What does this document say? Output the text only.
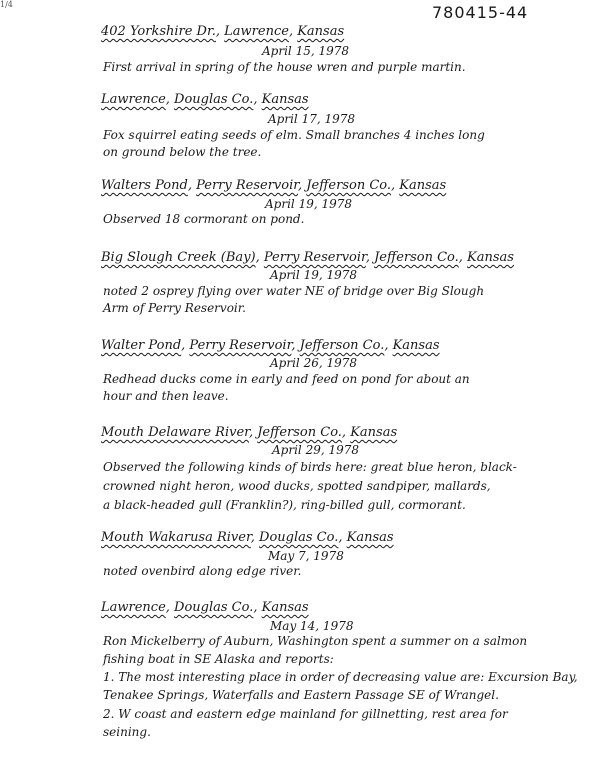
1/4	780415-44
402 Yorkshire Dr., Lawrence, Kansas
April 15, 1978
First arrival in spring of the house wren and purple martin.
Lawrence, Douglas Co., Kansas
April 17, 1978
Fox squirrel eating seeds of elm. Small branches 4 inches long
on ground below the tree.
Walters Pond, Perry Reservoir, Jefferson Co., Kansas
April 19, 1978
Observed 18 cormorant on pond.
Big Slough Creek (Bay), Perry Reservoir, Jefferson Co., Kansas
April 19, 1978
noted 2 osprey flying over water NE of bridge over Big Slough
Arm of Perry Reservoir.
Walter Pond, Perry Reservoir, Jefferson Co., Kansas
April 26, 1978
Redhead ducks come in early and feed on pond for about an
hour and then leave.
Mouth Delaware River, Jefferson Co., Kansas
April 29, 1978
Observed the following kinds of birds here: great blue heron, black-
crowned night heron, wood ducks, spotted sandpiper, mallards,
a black-headed gull (Franklin?), ring-billed gull, cormorant.
Mouth Wakarusa River, Douglas Co., Kansas
May 7, 1978
noted ovenbird along edge river.
Lawrence, Douglas Co., Kansas
May 14, 1978
Ron Mickelberry of Auburn, Washington spent a summer on a salmon
fishing boat in SE Alaska and reports:
1. The most interesting place in order of decreasing value are: Excursion Bay,
Tenakee Springs, Waterfalls and Eastern Passage SE of Wrangel.
2. W coast and eastern edge mainland for gillnetting, rest area for
seining.
